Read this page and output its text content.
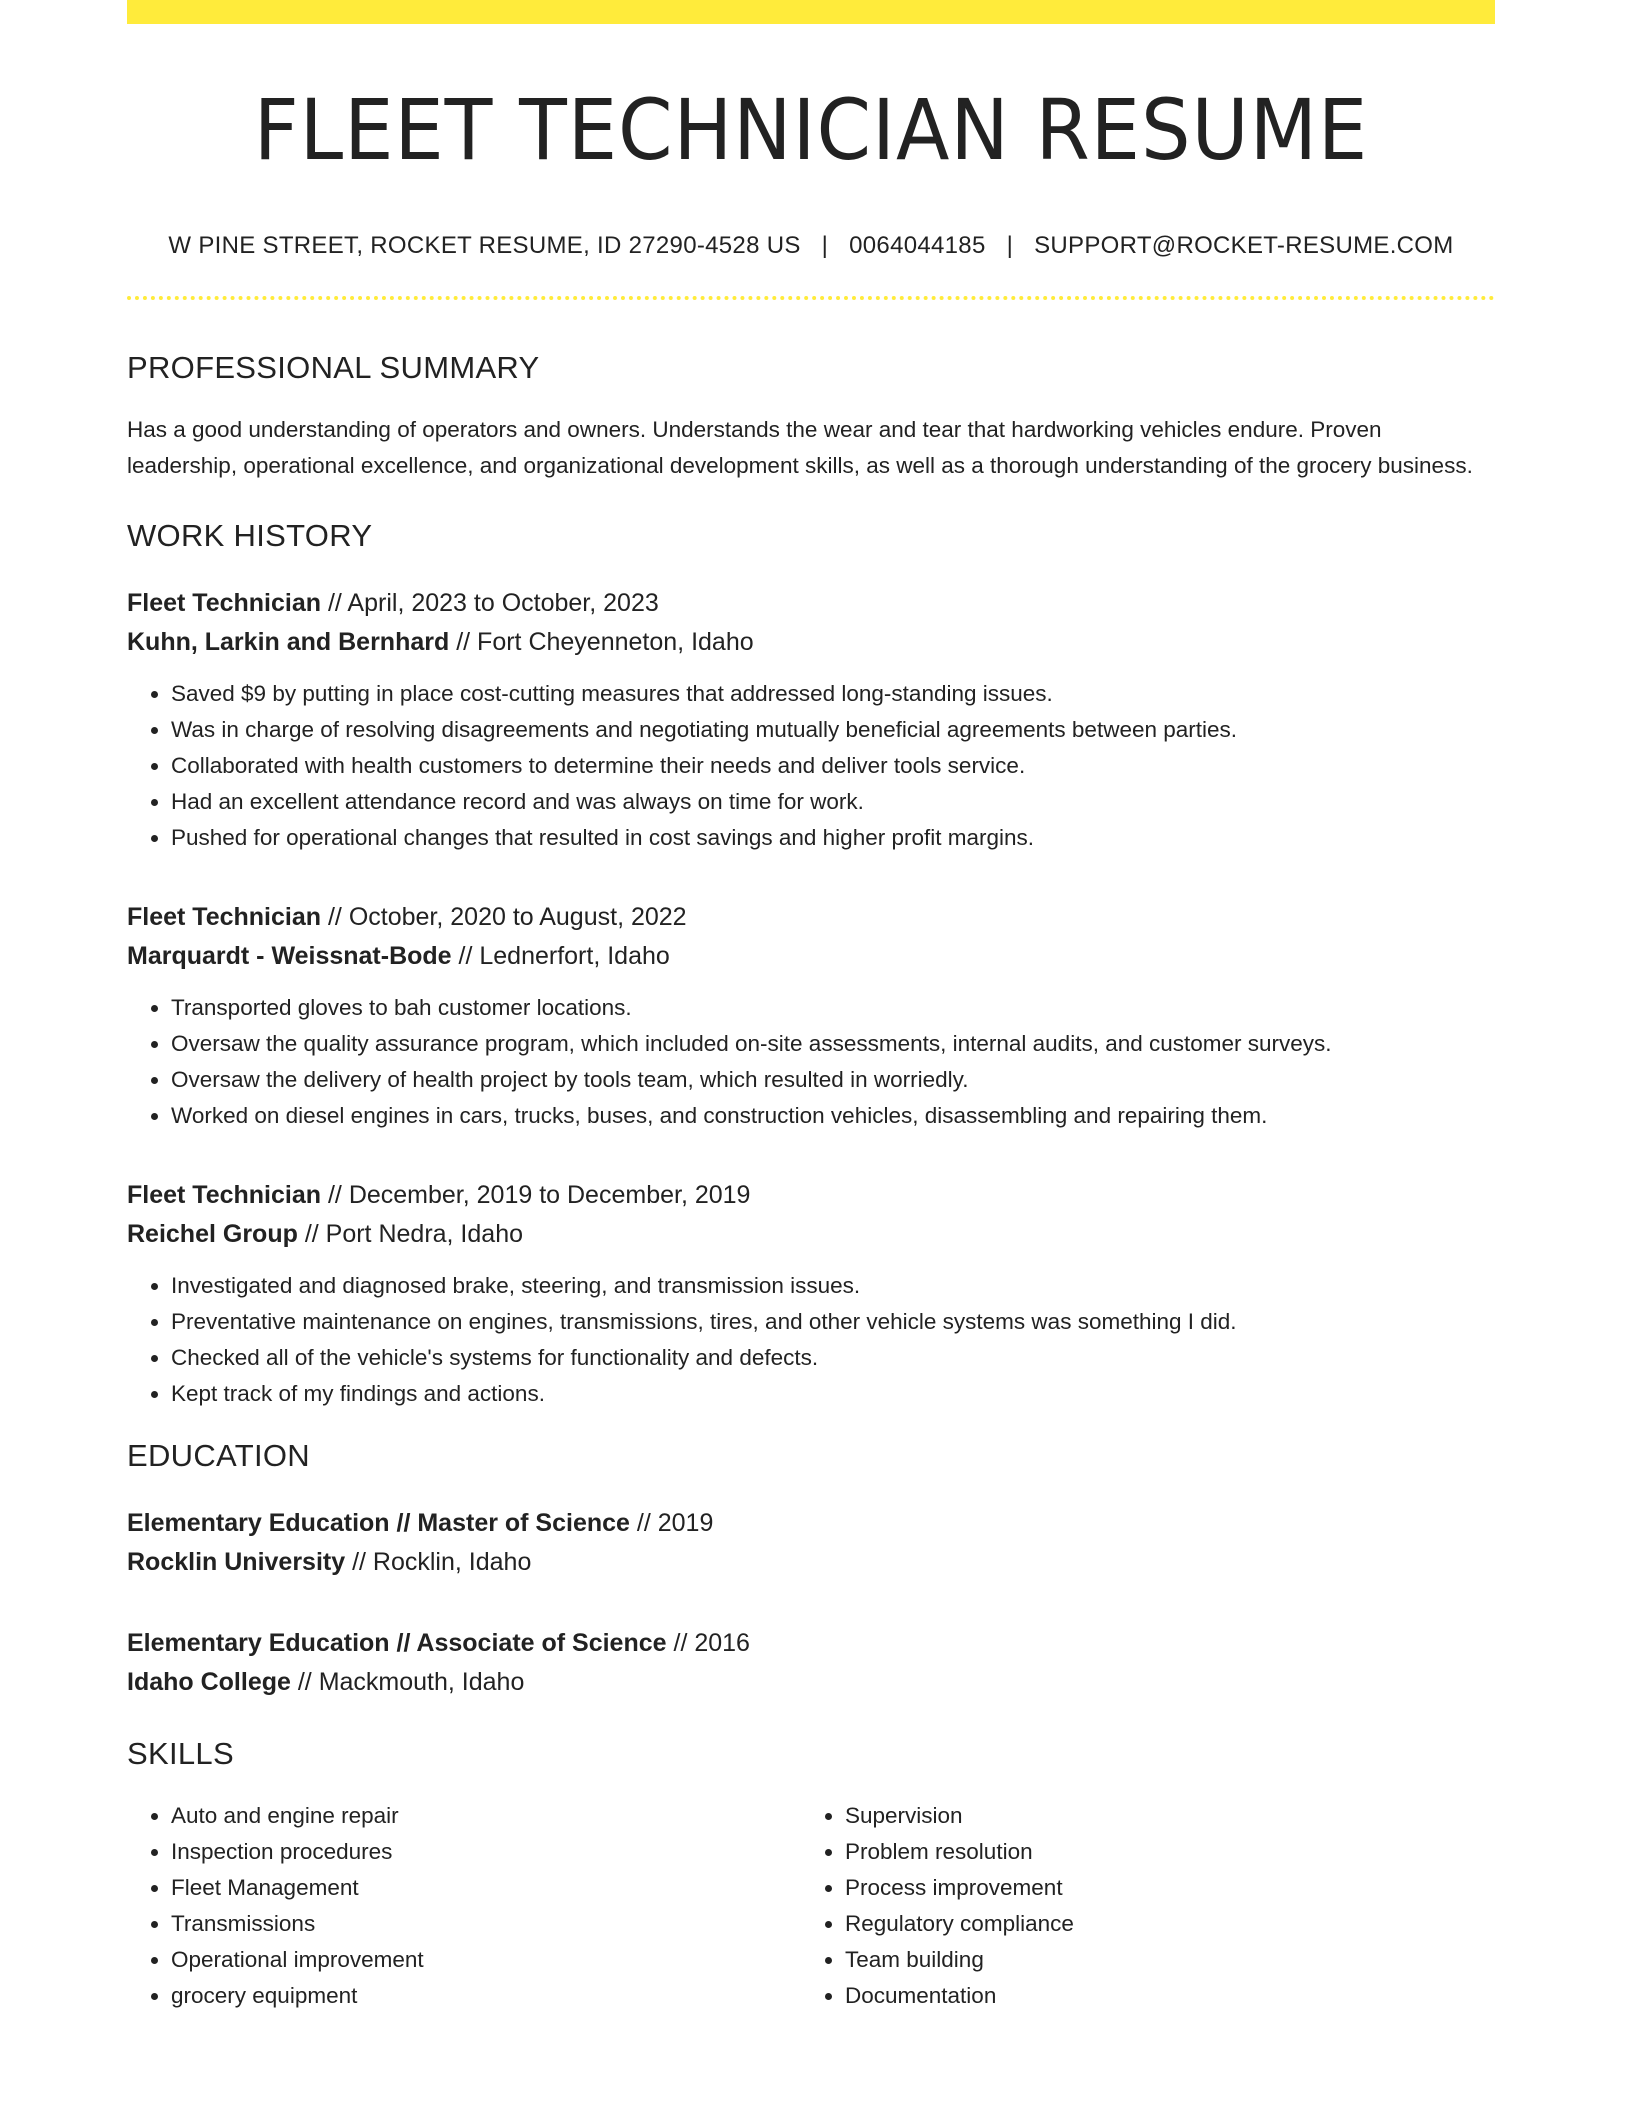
FLEET TECHNICIAN RESUME
W PINE STREET, ROCKET RESUME, ID 27290-4528 US | 0064044185 | SUPPORT@ROCKET-RESUME.COM
PROFESSIONAL SUMMARY

Has a good understanding of operators and owners. Understands the wear and tear that hardworking vehicles endure. Proven leadership, operational excellence, and organizational development skills, as well as a thorough understanding of the grocery business.

WORK HISTORY
Fleet Technician // April, 2023 to October, 2023
Kuhn, Larkin and Bernhard // Fort Cheyenneton, Idaho
• Saved $9 by putting in place cost-cutting measures that addressed long-standing issues.
• Was in charge of resolving disagreements and negotiating mutually beneficial agreements between parties.
• Collaborated with health customers to determine their needs and deliver tools service.
• Had an excellent attendance record and was always on time for work.
• Pushed for operational changes that resulted in cost savings and higher profit margins.
Fleet Technician // October, 2020 to August, 2022
Marquardt - Weissnat-Bode // Lednerfort, Idaho
• Transported gloves to bah customer locations.
• Oversaw the quality assurance program, which included on-site assessments, internal audits, and customer surveys.
• Oversaw the delivery of health project by tools team, which resulted in worriedly.
• Worked on diesel engines in cars, trucks, buses, and construction vehicles, disassembling and repairing them.
Fleet Technician // December, 2019 to December, 2019
Reichel Group // Port Nedra, Idaho
• Investigated and diagnosed brake, steering, and transmission issues.
• Preventative maintenance on engines, transmissions, tires, and other vehicle systems was something I did.
• Checked all of the vehicle's systems for functionality and defects.
• Kept track of my findings and actions.
EDUCATION
Elementary Education // Master of Science // 2019
Rocklin University // Rocklin, Idaho
Elementary Education // Associate of Science // 2016
Idaho College // Mackmouth, Idaho
SKILLS
• Auto and engine repair
• Inspection procedures
• Fleet Management
• Transmissions
• Operational improvement
• grocery equipment
• Supervision
• Problem resolution
• Process improvement
• Regulatory compliance
• Team building
• Documentation
